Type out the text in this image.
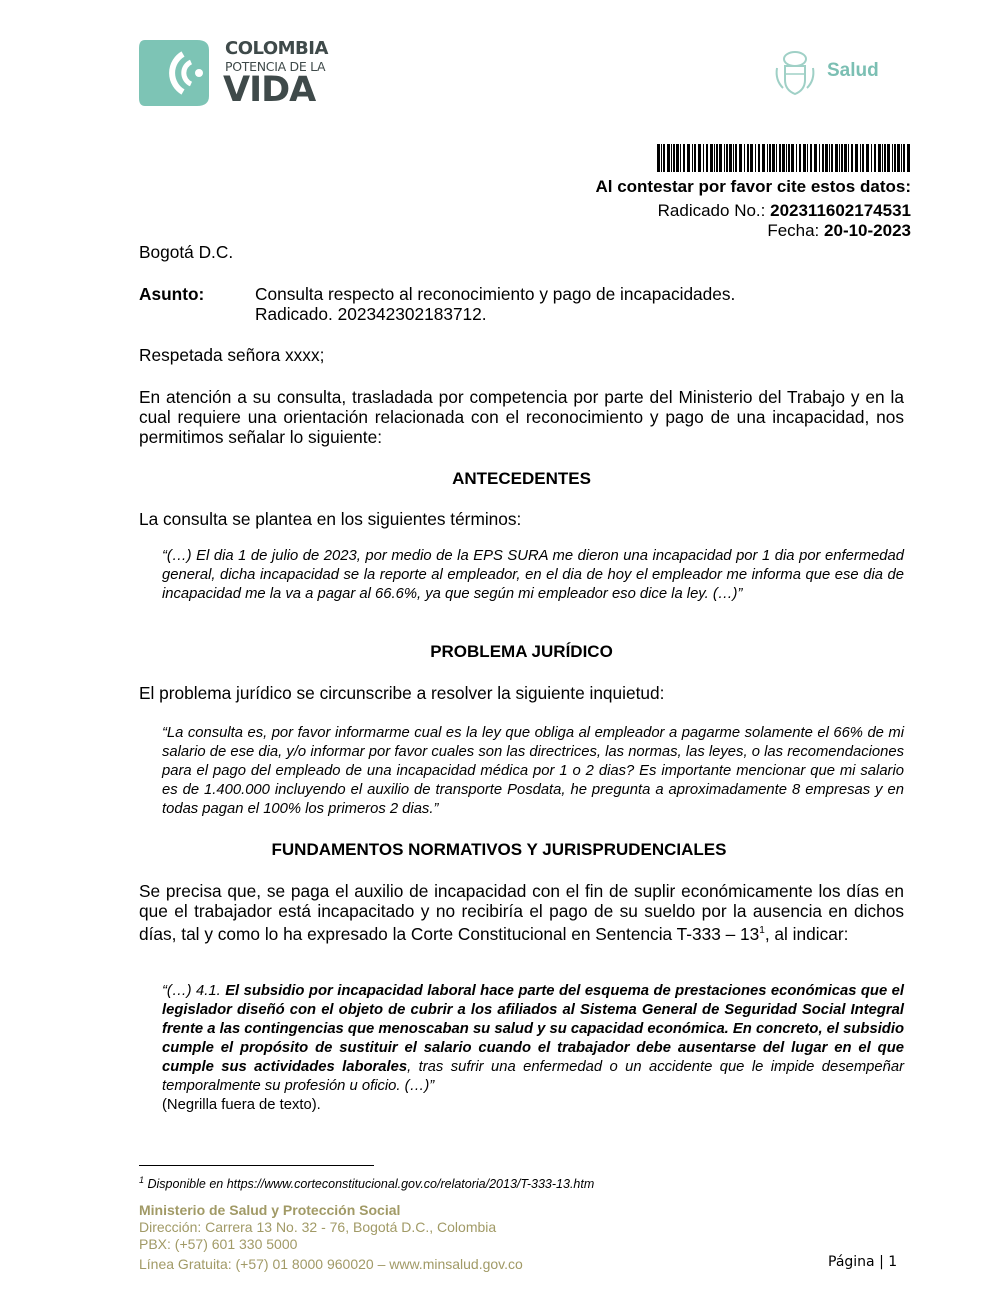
COLOMBIA
POTENCIA DE LA
VIDA	Salud
Al contestar por favor cite estos datos:
Radicado No.: 202311602174531
Fecha: 20-10-2023
Bogotá D.C.
Asunto:	Consulta respecto al reconocimiento y pago de incapacidades.
Radicado. 202342302183712.
Respetada señora xxxx;
En atención a su consulta, trasladada por competencia por parte del Ministerio del Trabajo y en la cual requiere una orientación relacionada con el reconocimiento y pago de una incapacidad, nos permitimos señalar lo siguiente:
ANTECEDENTES
La consulta se plantea en los siguientes términos:
“(…) El dia 1 de julio de 2023, por medio de la EPS SURA me dieron una incapacidad por 1 dia por enfermedad general, dicha incapacidad se la reporte al empleador, en el dia de hoy el empleador me informa que ese dia de incapacidad me la va a pagar al 66.6%, ya que según mi empleador eso dice la ley. (…)”
PROBLEMA JURÍDICO
El problema jurídico se circunscribe a resolver la siguiente inquietud:
“La consulta es, por favor informarme cual es la ley que obliga al empleador a pagarme solamente el 66% de mi salario de ese dia, y/o informar por favor cuales son las directrices, las normas, las leyes, o las recomendaciones para el pago del empleado de una incapacidad médica por 1 o 2 dias? Es importante mencionar que mi salario es de 1.400.000 incluyendo el auxilio de transporte Posdata, he pregunta a aproximadamente 8 empresas y en todas pagan el 100% los primeros 2 dias.”
FUNDAMENTOS NORMATIVOS Y JURISPRUDENCIALES
Se precisa que, se paga el auxilio de incapacidad con el fin de suplir económicamente los días en que el trabajador está incapacitado y no recibiría el pago de su sueldo por la ausencia en dichos días, tal y como lo ha expresado la Corte Constitucional en Sentencia $T-333 - 13^1$, al indicar:
“(…) 4.1. El subsidio por incapacidad laboral hace parte del esquema de prestaciones económicas que el legislador diseñó con el objeto de cubrir a los afiliados al Sistema General de Seguridad Social Integral frente a las contingencias que menoscaban su salud y su capacidad económica. En concreto, el subsidio cumple el propósito de sustituir el salario cuando el trabajador debe ausentarse del lugar en el que cumple sus actividades laborales, tras sufrir una enfermedad o un accidente que le impide desempeñar temporalmente su profesión u oficio. (…)”
(Negrilla fuera de texto).
$^1$ Disponible en https://www.corteconstitucional.gov.co/relatoria/2013/T-333-13.htm
Ministerio de Salud y Protección Social
Dirección: Carrera 13 No. 32 - 76, Bogotá D.C., Colombia
PBX: (+57) 601 330 5000
Línea Gratuita: (+57) 01 8000 960020 – www.minsalud.gov.co	Página | 1
